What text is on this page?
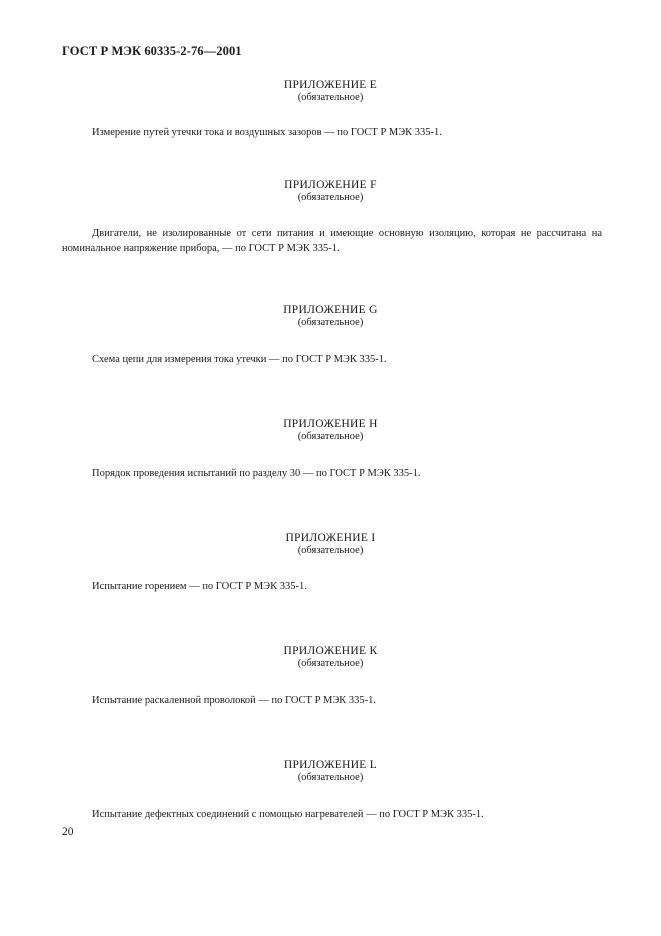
ГОСТ Р МЭК 60335-2-76—2001
ПРИЛОЖЕНИЕ Е
(обязательное)
Измерение путей утечки тока и воздушных зазоров — по ГОСТ Р МЭК 335-1.
ПРИЛОЖЕНИЕ F
(обязательное)
Двигатели, не изолированные от сети питания и имеющие основную изоляцию, которая не рассчитана на номинальное напряжение прибора, — по ГОСТ Р МЭК 335-1.
ПРИЛОЖЕНИЕ G
(обязательное)
Схема цепи для измерения тока утечки — по ГОСТ Р МЭК 335-1.
ПРИЛОЖЕНИЕ Н
(обязательное)
Порядок проведения испытаний по разделу 30 — по ГОСТ Р МЭК 335-1.
ПРИЛОЖЕНИЕ I
(обязательное)
Испытание горением — по ГОСТ Р МЭК 335-1.
ПРИЛОЖЕНИЕ К
(обязательное)
Испытание раскаленной проволокой — по ГОСТ Р МЭК 335-1.
ПРИЛОЖЕНИЕ L
(обязательное)
Испытание дефектных соединений с помощью нагревателей — по ГОСТ Р МЭК 335-1.
20
